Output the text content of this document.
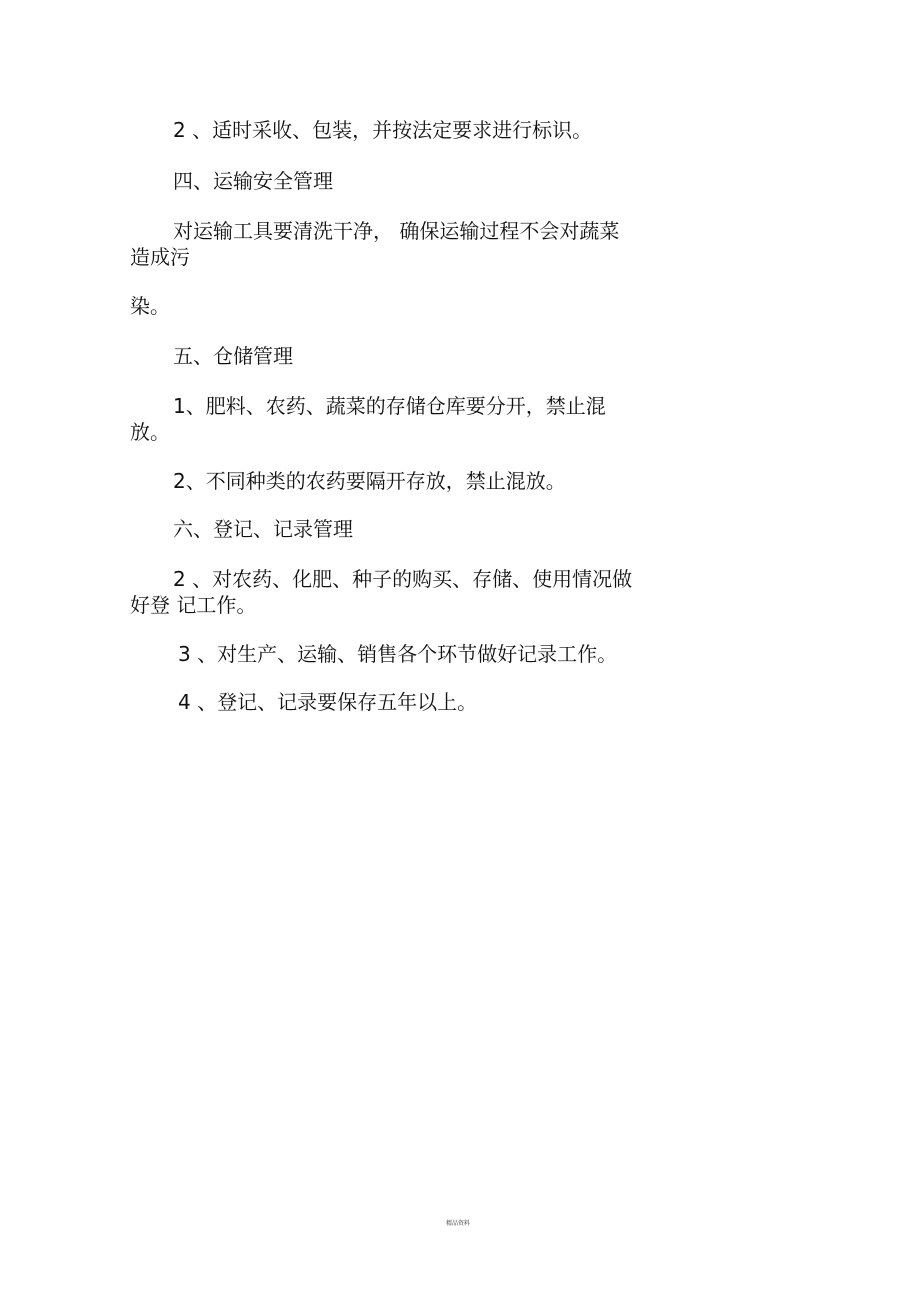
2 、适时采收、包装，并按法定要求进行标识。

四、运输安全管理

对运输工具要清洗干净， 确保运输过程不会对蔬菜

造成污

染。

五、仓储管理

1、肥料、农药、蔬菜的存储仓库要分开，禁止混

放。

2、不同种类的农药要隔开存放，禁止混放。

六、登记、记录管理

2 、对农药、化肥、种子的购买、存储、使用情况做

好登 记工作。

3 、对生产、运输、销售各个环节做好记录工作。

4 、登记、记录要保存五年以上。

精品资料
